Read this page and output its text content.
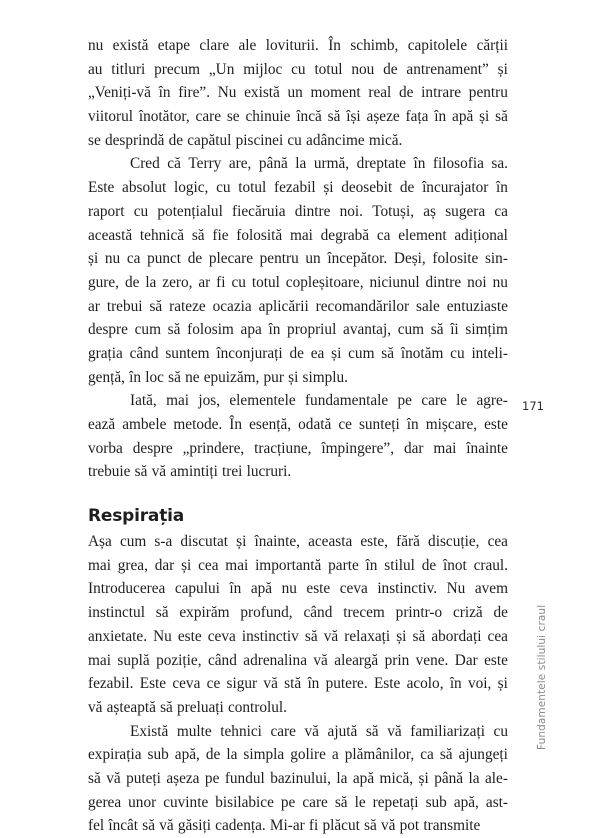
nu există etape clare ale loviturii. În schimb, capitolele cărții
au titluri precum „Un mijloc cu totul nou de antrenament” și
„Veniți-vă în fire”. Nu există un moment real de intrare pentru
viitorul înotător, care se chinuie încă să își așeze fața în apă și să
se desprindă de capătul piscinei cu adâncime mică.
Cred că Terry are, până la urmă, dreptate în filosofia sa.
Este absolut logic, cu totul fezabil și deosebit de încurajator în
raport cu potențialul fiecăruia dintre noi. Totuși, aș sugera ca
această tehnică să fie folosită mai degrabă ca element adițional
și nu ca punct de plecare pentru un începător. Deși, folosite sin-
gure, de la zero, ar fi cu totul copleșitoare, niciunul dintre noi nu
ar trebui să rateze ocazia aplicării recomandărilor sale entuziaste
despre cum să folosim apa în propriul avantaj, cum să îi simțim
grația când suntem înconjurați de ea și cum să înotăm cu inteli-
gență, în loc să ne epuizăm, pur și simplu.
Iată, mai jos, elementele fundamentale pe care le agre-
ează ambele metode. În esență, odată ce sunteți în mișcare, este
vorba despre „prindere, tracțiune, împingere”, dar mai înainte
trebuie să vă amintiți trei lucruri.
Respirația
Așa cum s-a discutat și înainte, aceasta este, fără discuție, cea
mai grea, dar și cea mai importantă parte în stilul de înot craul.
Introducerea capului în apă nu este ceva instinctiv. Nu avem
instinctul să expirăm profund, când trecem printr-o criză de
anxietate. Nu este ceva instinctiv să vă relaxați și să abordați cea
mai suplă poziție, când adrenalina vă aleargă prin vene. Dar este
fezabil. Este ceva ce sigur vă stă în putere. Este acolo, în voi, și
vă așteaptă să preluați controlul.
Există multe tehnici care vă ajută să vă familiarizați cu
expirația sub apă, de la simpla golire a plămânilor, ca să ajungeți
să vă puteți așeza pe fundul bazinului, la apă mică, și până la ale-
gerea unor cuvinte bisilabice pe care să le repetați sub apă, ast-
fel încât să vă găsiți cadența. Mi-ar fi plăcut să vă pot transmite
171
Fundamentele stilului craul
